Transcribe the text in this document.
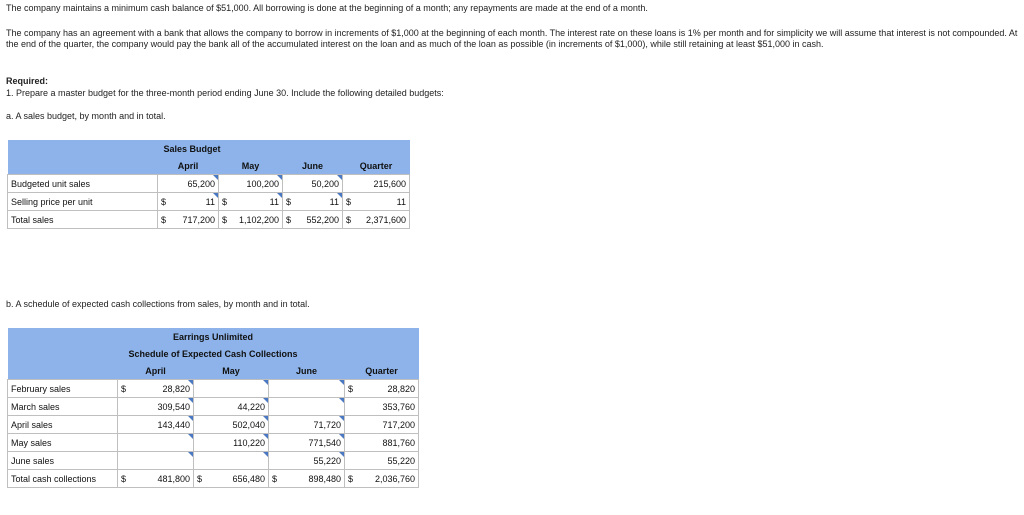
The company maintains a minimum cash balance of $51,000. All borrowing is done at the beginning of a month; any repayments are made at the end of a month.
The company has an agreement with a bank that allows the company to borrow in increments of $1,000 at the beginning of each month. The interest rate on these loans is 1% per month and for simplicity we will assume that interest is not compounded. At the end of the quarter, the company would pay the bank all of the accumulated interest on the loan and as much of the loan as possible (in increments of $1,000), while still retaining at least $51,000 in cash.
Required:
1. Prepare a master budget for the three-month period ending June 30. Include the following detailed budgets:
a. A sales budget, by month and in total.
	Sales Budget			
	April	May	June	Quarter
Budgeted unit sales	65,200	100,200	50,200	215,600

Selling price per unit	$ 11	$ 11	$ 11	$ 11

Total sales	$ 717,200	$ 1,102,200	$ 552,200	$ 2,371,600
b. A schedule of expected cash collections from sales, by month and in total.
Earrings Unlimited				
Schedule of Expected Cash Collections				
	April	May	June	Quarter
February sales	$ 28,820			$ 28,820

March sales	309,540	44,220		353,760

April sales	143,440	502,040	71,720	717,200

May sales		110,220	771,540	881,760

June sales			55,220	55,220

Total cash collections	$ 481,800	$ 656,480	$ 898,480	$ 2,036,760
